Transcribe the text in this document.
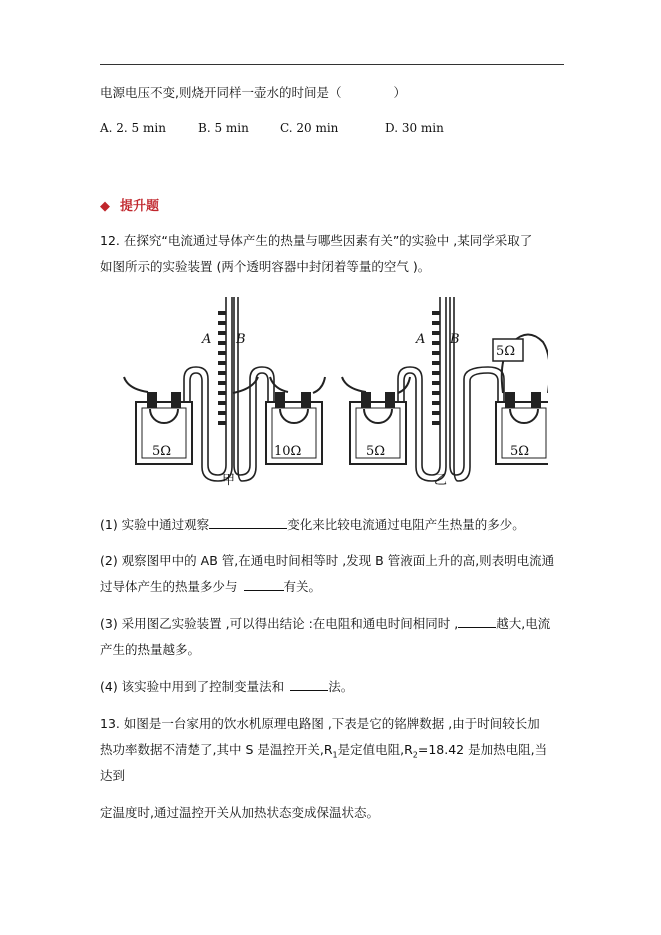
电源电压不变,则烧开同样一壶水的时间是（	）
A. 2. 5 min	B. 5 min	C. 20 min	D. 30 min
◆ 提升题
12. 在探究“电流通过导体产生的热量与哪些因素有关”的实验中 ,某同学采取了
如图所示的实验装置 (两个透明容器中封闭着等量的空气 )。
A B	A B
5Ω	10Ω	5Ω	5Ω
5Ω
甲	乙
(1) 实验中通过观察	变化来比较电流通过电阻产生热量的多少。
(2) 观察图甲中的 AB 管,在通电时间相等时 ,发现 B 管液面上升的高,则表明电流通
过导体产生的热量多少与	有关。
(3) 采用图乙实验装置 ,可以得出结论 :在电阻和通电时间相同时 ,	越大,电流
产生的热量越多。
(4) 该实验中用到了控制变量法和	法。
13. 如图是一台家用的饮水机原理电路图 ,下表是它的铭牌数据 ,由于时间较长加
热功率数据不清楚了,其中 S 是温控开关$,R_1$是定值电阻$,R_2=18.42$ 是加热电阻,当
达到
定温度时,通过温控开关从加热状态变成保温状态。
